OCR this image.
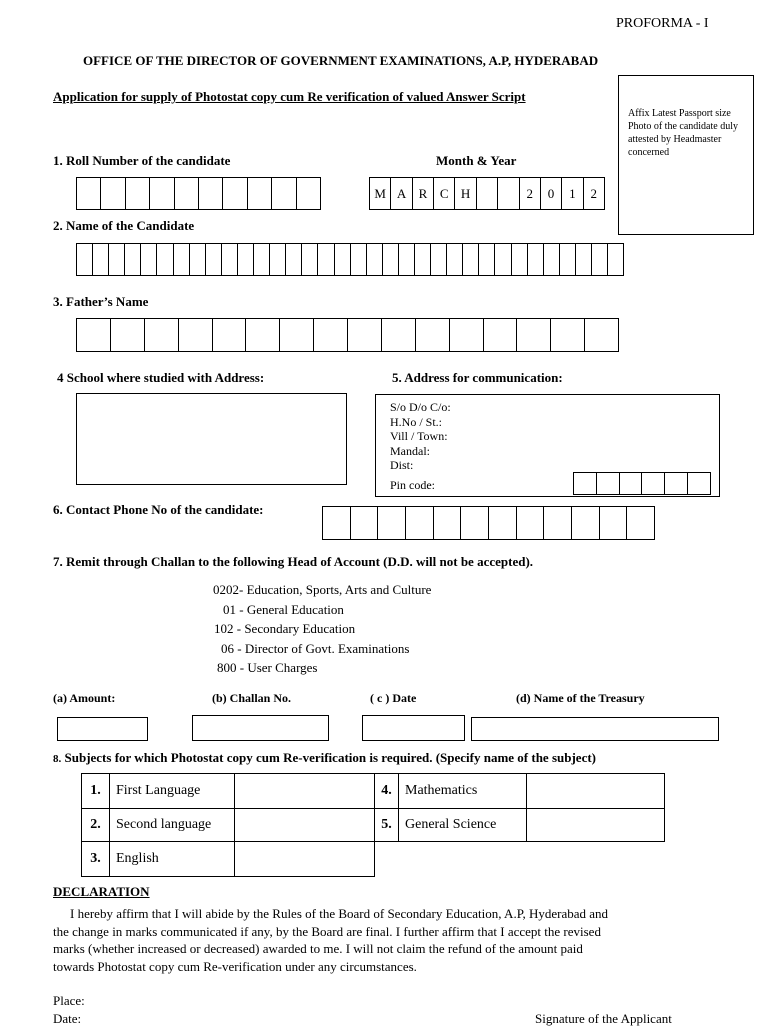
PROFORMA - I
OFFICE OF THE DIRECTOR OF GOVERNMENT EXAMINATIONS, A.P, HYDERABAD
Application for supply of Photostat copy cum Re verification of valued Answer Script
Affix Latest Passport size Photo of the candidate duly attested by Headmaster concerned
1. Roll Number of the candidate	Month & Year
M A R C H	2	0	1	2
2. Name of the Candidate
3. Father’s Name
4 School where studied with Address:	5. Address for communication:
S/o D/o C/o:
H.No / St.:
Vill / Town:
Mandal:
Dist:
Pin code:
6. Contact Phone No of the candidate:
7. Remit through Challan to the following Head of Account (D.D. will not be accepted).
0202- Education, Sports, Arts and Culture
01 - General Education
102 - Secondary Education
06 - Director of Govt. Examinations
800 - User Charges
(a) Amount:	(b) Challan No.	( c ) Date	(d) Name of the Treasury
8. Subjects for which Photostat copy cum Re-verification is required. (Specify name of the subject)
1.	First Language		4.	Mathematics	
2.	Second language		5.	General Science	
3.	English				
DECLARATION
I hereby affirm that I will abide by the Rules of the Board of Secondary Education, A.P, Hyderabad and
the change in marks communicated if any, by the Board are final. I further affirm that I accept the revised
marks (whether increased or decreased) awarded to me. I will not claim the refund of the amount paid
towards Photostat copy cum Re-verification under any circumstances.
Place:
Date:	Signature of the Applicant
